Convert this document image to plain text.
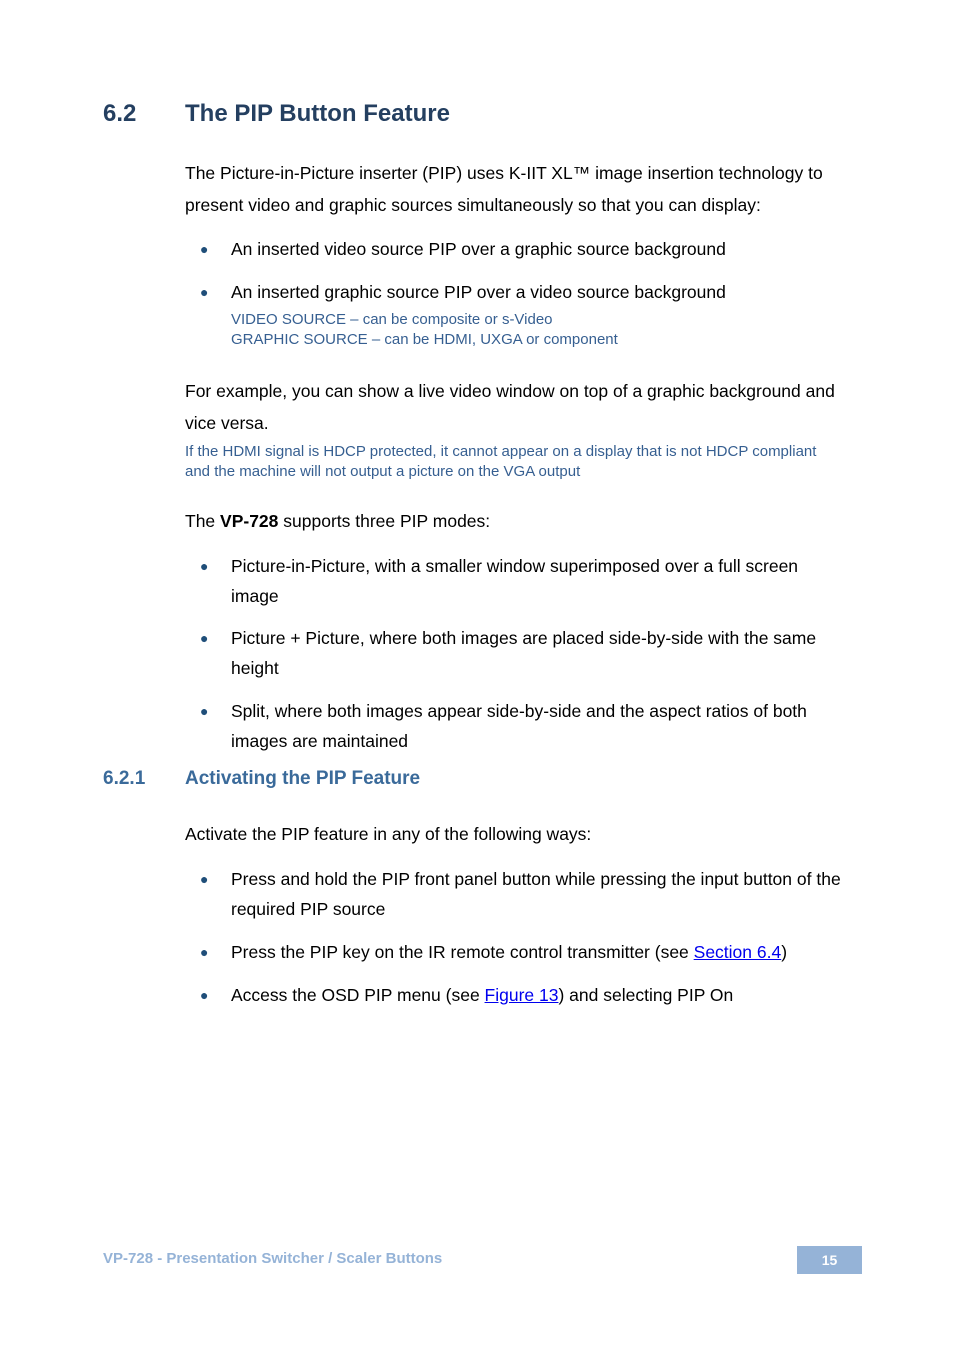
6.2 The PIP Button Feature
The Picture-in-Picture inserter (PIP) uses K-IIT XL™ image insertion technology to present video and graphic sources simultaneously so that you can display:
● An inserted video source PIP over a graphic source background
● An inserted graphic source PIP over a video source background
VIDEO SOURCE – can be composite or s-Video
GRAPHIC SOURCE – can be HDMI, UXGA or component
For example, you can show a live video window on top of a graphic background and vice versa.
If the HDMI signal is HDCP protected, it cannot appear on a display that is not HDCP compliant and the machine will not output a picture on the VGA output
The VP-728 supports three PIP modes:
● Picture-in-Picture, with a smaller window superimposed over a full screen image
● Picture + Picture, where both images are placed side-by-side with the same height
● Split, where both images appear side-by-side and the aspect ratios of both images are maintained
6.2.1 Activating the PIP Feature
Activate the PIP feature in any of the following ways:
● Press and hold the PIP front panel button while pressing the input button of the required PIP source
● Press the PIP key on the IR remote control transmitter (see Section 6.4)
● Access the OSD PIP menu (see Figure 13) and selecting PIP On
VP-728 - Presentation Switcher / Scaler Buttons	15
